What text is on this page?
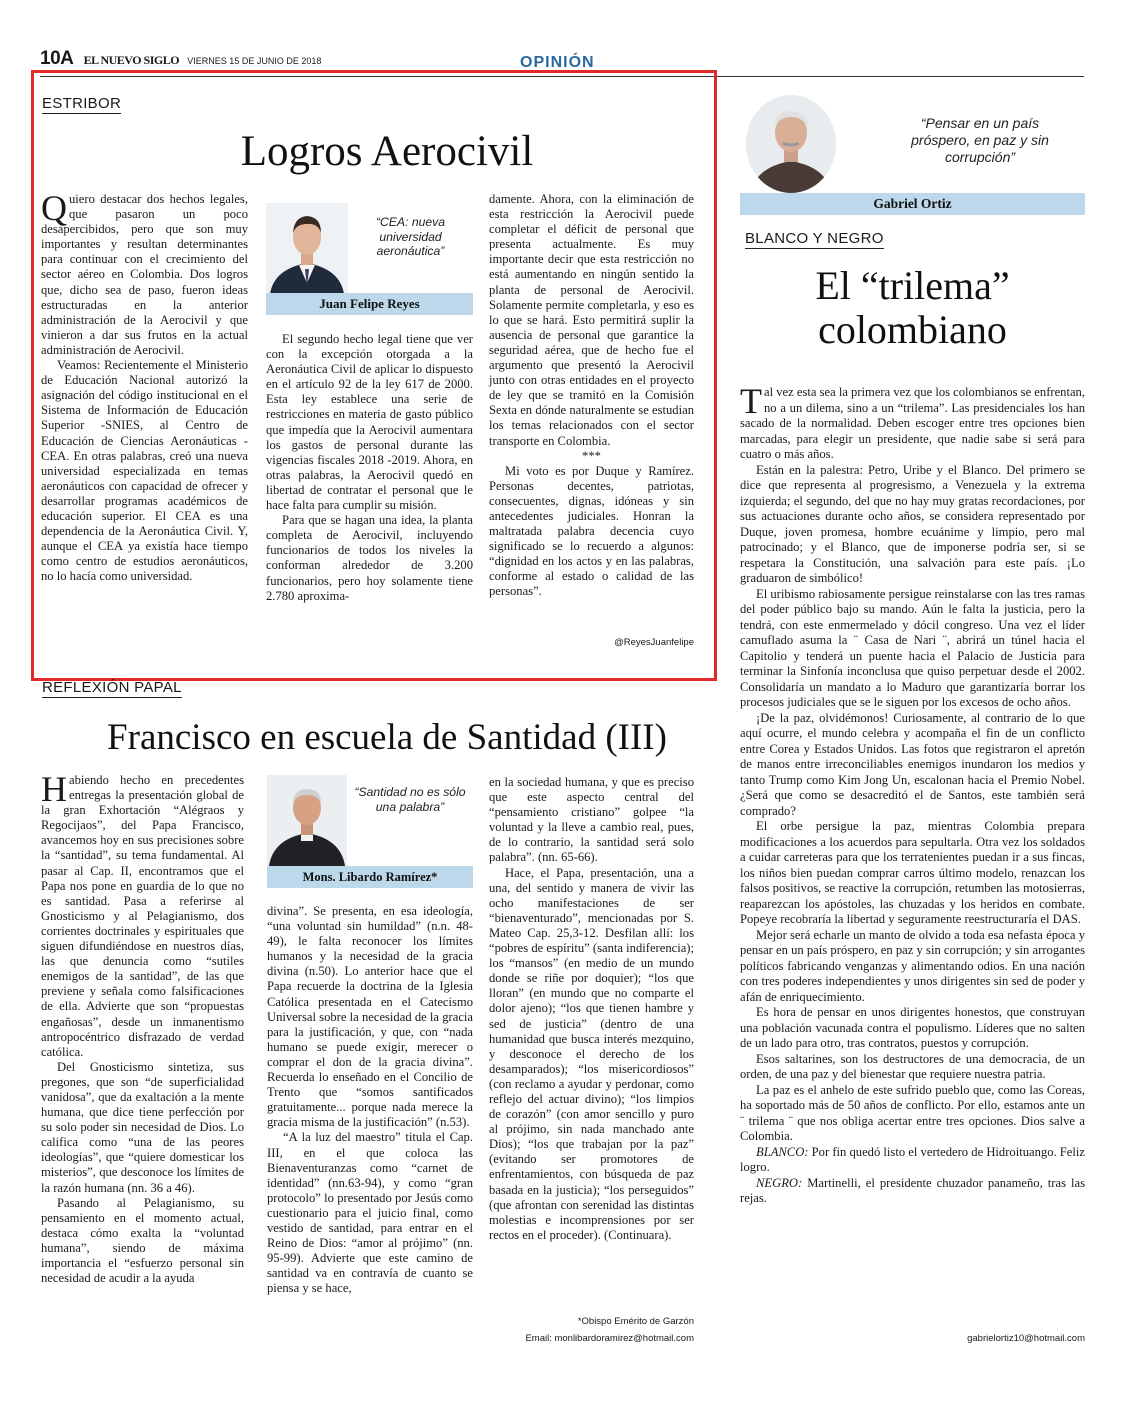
10A EL NUEVO SIGLO VIERNES 15 DE JUNIO DE 2018	OPINIÓN
ESTRIBOR
Logros Aerocivil

Quiero destacar dos hechos legales, que pasaron un poco desapercibidos, pero que son muy importantes y resultan determinantes para continuar con el crecimiento del sector aéreo en Colombia. Dos logros que, dicho sea de paso, fueron ideas estructuradas en la anterior administración de la Aerocivil y que vinieron a dar sus frutos en la actual administración de Aerocivil.

Veamos: Recientemente el Ministerio de Educación Nacional autorizó la asignación del código institucional en el Sistema de Información de Educación Superior -SNIES, al Centro de Educación de Ciencias Aeronáuticas -CEA. En otras palabras, creó una nueva universidad especializada en temas aeronáuticos con capacidad de ofrecer y desarrollar programas académicos de educación superior. El CEA es una dependencia de la Aeronáutica Civil. Y, aunque el CEA ya existía hace tiempo como centro de estudios aeronáuticos, no lo hacía como universidad.

“CEA: nueva universidad aeronáutica”
Juan Felipe Reyes

El segundo hecho legal tiene que ver con la excepción otorgada a la Aeronáutica Civil de aplicar lo dispuesto en el artículo 92 de la ley 617 de 2000. Esta ley establece una serie de restricciones en materia de gasto público que impedía que la Aerocivil aumentara los gastos de personal durante las vigencias fiscales 2018 -2019. Ahora, en otras palabras, la Aerocivil quedó en libertad de contratar el personal que le hace falta para cumplir su misión.

Para que se hagan una idea, la planta completa de Aerocivil, incluyendo funcionarios de todos los niveles la conforman alrededor de 3.200 funcionarios, pero hoy solamente tiene 2.780 aproxima-

damente. Ahora, con la eliminación de esta restricción la Aerocivil puede completar el déficit de personal que presenta actualmente. Es muy importante decir que esta restricción no está aumentando en ningún sentido la planta de personal de Aerocivil. Solamente permite completarla, y eso es lo que se hará. Esto permitirá suplir la ausencia de personal que garantice la seguridad aérea, que de hecho fue el argumento que presentó la Aerocivil junto con otras entidades en el proyecto de ley que se tramitó en la Comisión Sexta en dónde naturalmente se estudian los temas relacionados con el sector transporte en Colombia.

***

Mi voto es por Duque y Ramírez. Personas decentes, patriotas, consecuentes, dignas, idóneas y sin antecedentes judiciales. Honran la maltratada palabra decencia cuyo significado se lo recuerdo a algunos: “dignidad en los actos y en las palabras, conforme al estado o calidad de las personas”.

@ReyesJuanfelipe
REFLEXIÓN PAPAL
Francisco en escuela de Santidad (III)

Habiendo hecho en precedentes entregas la presentación global de la gran Exhortación “Alégraos y Regocijaos”, del Papa Francisco, avancemos hoy en sus precisiones sobre la “santidad”, su tema fundamental. Al pasar al Cap. II, encontramos que el Papa nos pone en guardia de lo que no es santidad. Pasa a referirse al Gnosticismo y al Pelagianismo, dos corrientes doctrinales y espirituales que siguen difundiéndose en nuestros días, las que denuncia como “sutiles enemigos de la santidad”, de las que previene y señala como falsificaciones de ella. Advierte que son “propuestas engañosas”, desde un inmanentismo antropocéntrico disfrazado de verdad católica.

Del Gnosticismo sintetiza, sus pregones, que son “de superficialidad vanidosa”, que da exaltación a la mente humana, que dice tiene perfección por su solo poder sin necesidad de Dios. Lo califica como “una de las peores ideologías”, que “quiere domesticar los misterios”, que desconoce los límites de la razón humana (nn. 36 a 46).

Pasando al Pelagianismo, su pensamiento en el momento actual, destaca cómo exalta la “voluntad humana”, siendo de máxima importancia el “esfuerzo personal sin necesidad de acudir a la ayuda

“Santidad no es sólo una palabra”
Mons. Libardo Ramírez*

divina”. Se presenta, en esa ideología, “una voluntad sin humildad” (n.n. 48-49), le falta reconocer los límites humanos y la necesidad de la gracia divina (n.50). Lo anterior hace que el Papa recuerde la doctrina de la Iglesia Católica presentada en el Catecismo Universal sobre la necesidad de la gracia para la justificación, y que, con “nada humano se puede exigir, merecer o comprar el don de la gracia divina”. Recuerda lo enseñado en el Concilio de Trento que “somos santificados gratuitamente... porque nada merece la gracia misma de la justificación” (n.53).

“A la luz del maestro” titula el Cap. III, en el que coloca las Bienaventuranzas como “carnet de identidad” (nn.63-94), y como “gran protocolo” lo presentado por Jesús como cuestionario para el juicio final, como vestido de santidad, para entrar en el Reino de Dios: “amor al prójimo” (nn. 95-99). Advierte que este camino de santidad va en contravía de cuanto se piensa y se hace,

en la sociedad humana, y que es preciso que este aspecto central del “pensamiento cristiano” golpee “la voluntad y la lleve a cambio real, pues, de lo contrario, la santidad será solo palabra”. (nn. 65-66).

Hace, el Papa, presentación, una a una, del sentido y manera de vivir las ocho manifestaciones de ser “bienaventurado”, mencionadas por S. Mateo Cap. 25,3-12. Desfilan allí: los “pobres de espíritu” (santa indiferencia); los “mansos” (en medio de un mundo donde se riñe por doquier); “los que lloran” (en mundo que no comparte el dolor ajeno); “los que tienen hambre y sed de justicia” (dentro de una humanidad que busca interés mezquino, y desconoce el derecho de los desamparados); “los misericordiosos” (con reclamo a ayudar y perdonar, como reflejo del actuar divino); “los limpios de corazón” (con amor sencillo y puro al prójimo, sin nada manchado ante Dios); “los que trabajan por la paz” (evitando ser promotores de enfrentamientos, con búsqueda de paz basada en la justicia); “los perseguidos” (que afrontan con serenidad las distintas molestias e incomprensiones por ser rectos en el proceder). (Continuara).

*Obispo Emérito de Garzón
Email: monlibardoramirez@hotmail.com
“Pensar en un país próspero, en paz y sin corrupción”
Gabriel Ortiz
BLANCO Y NEGRO
El “trilema”
colombiano

Tal vez esta sea la primera vez que los colombianos se enfrentan, no a un dilema, sino a un “trilema”. Las presidenciales los han sacado de la normalidad. Deben escoger entre tres opciones bien marcadas, para elegir un presidente, que nadie sabe si será para cuatro o más años.

Están en la palestra: Petro, Uribe y el Blanco. Del primero se dice que representa al progresismo, a Venezuela y la extrema izquierda; el segundo, del que no hay muy gratas recordaciones, por sus actuaciones durante ocho años, se considera representado por Duque, joven promesa, hombre ecuánime y limpio, pero mal patrocinado; y el Blanco, que de imponerse podría ser, si se respetara la Constitución, una salvación para este país. ¡Lo graduaron de simbólico!

El uribismo rabiosamente persigue reinstalarse con las tres ramas del poder público bajo su mando. Aún le falta la justicia, pero la tendrá, con este enmermelado y dócil congreso. Una vez el líder camuflado asuma la ¨ Casa de Nari ¨, abrirá un túnel hacia el Capitolio y tenderá un puente hacia el Palacio de Justicia para terminar la Sinfonía inconclusa que quiso perpetuar desde el 2002. Consolidaría un mandato a lo Maduro que garantizaría borrar los procesos judiciales que se le siguen por los excesos de ocho años.

¡De la paz, olvidémonos! Curiosamente, al contrario de lo que aquí ocurre, el mundo celebra y acompaña el fin de un conflicto entre Corea y Estados Unidos. Las fotos que registraron el apretón de manos entre irreconciliables enemigos inundaron los medios y tanto Trump como Kim Jong Un, escalonan hacia el Premio Nobel. ¿Será que como se desacreditó el de Santos, este también será comprado?

El orbe persigue la paz, mientras Colombia prepara modificaciones a los acuerdos para sepultarla. Otra vez los soldados a cuidar carreteras para que los terratenientes puedan ir a sus fincas, los niños bien puedan comprar carros último modelo, renazcan los falsos positivos, se reactive la corrupción, retumben las motosierras, reaparezcan los apóstoles, las chuzadas y los heridos en combate. Popeye recobraría la libertad y seguramente reestructuraría el DAS.

Mejor será echarle un manto de olvido a toda esa nefasta época y pensar en un país próspero, en paz y sin corrupción; y sin arrogantes políticos fabricando venganzas y alimentando odios. En una nación con tres poderes independientes y unos dirigentes sin sed de poder y afán de enriquecimiento.

Es hora de pensar en unos dirigentes honestos, que construyan una población vacunada contra el populismo. Líderes que no salten de un lado para otro, tras contratos, puestos y corrupción.

Esos saltarines, son los destructores de una democracia, de un orden, de una paz y del bienestar que requiere nuestra patria.

La paz es el anhelo de este sufrido pueblo que, como las Coreas, ha soportado más de 50 años de conflicto. Por ello, estamos ante un ¨ trilema ¨ que nos obliga acertar entre tres opciones. Dios salve a Colombia.

BLANCO: Por fin quedó listo el vertedero de Hidroituango. Feliz logro.

NEGRO: Martinelli, el presidente chuzador panameño, tras las rejas.

gabrielortiz10@hotmail.com
